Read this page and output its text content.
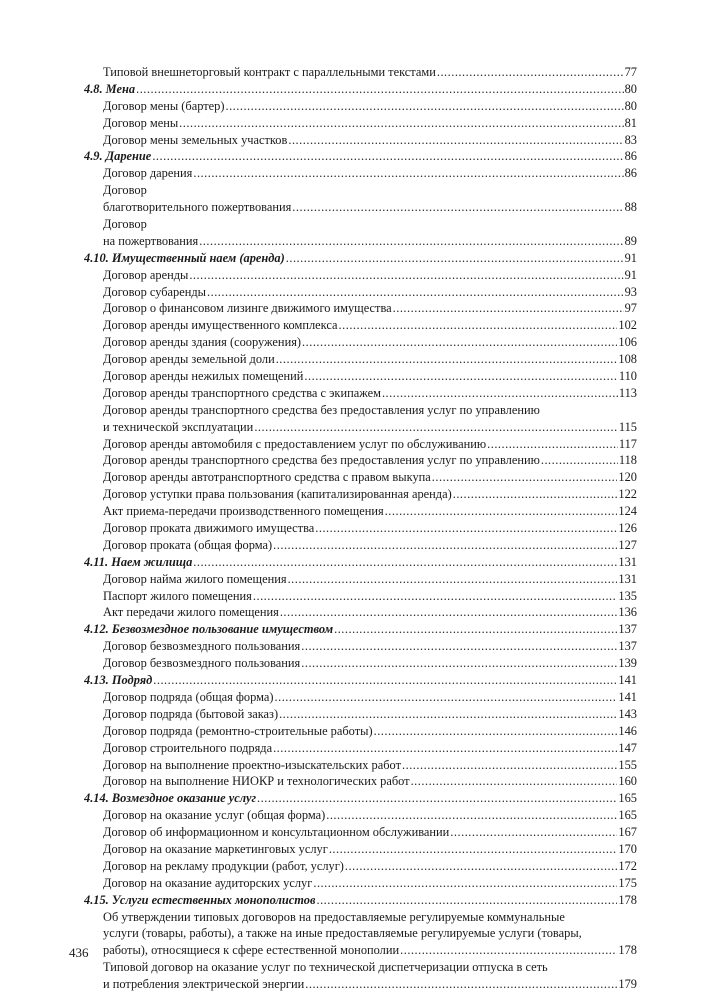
Типовой внешнеторговый контракт с параллельными текстами .....	77
4.8. Мена .....	80
Договор мены (бартер) .....	80
Договор мены .....	81
Договор мены земельных участков .....	83
4.9. Дарение .....	86
Договор дарения .....	86
Договор
благотворительного пожертвования .....	88
Договор
на пожертвования .....	89
4.10. Имущественный наем (аренда) .....	91
Договор аренды .....	91
Договор субаренды .....	93
Договор о финансовом лизинге движимого имущества .....	97
Договор аренды имущественного комплекса .....	102
Договор аренды здания (сооружения) .....	106
Договор аренды земельной доли .....	108
Договор аренды нежилых помещений .....	110
Договор аренды транспортного средства с экипажем .....	113
Договор аренды транспортного средства без предоставления услуг по управлению
и технической эксплуатации .....	115
Договор аренды автомобиля с предоставлением услуг по обслуживанию .....	117
Договор аренды транспортного средства без предоставления услуг по управлению .....	118
Договор аренды автотранспортного средства с правом выкупа .....	120
Договор уступки права пользования (капитализированная аренда) .....	122
Акт приема-передачи производственного помещения .....	124
Договор проката движимого имущества .....	126
Договор проката (общая форма) .....	127
4.11. Наем жилища .....	131
Договор найма жилого помещения .....	131
Паспорт жилого помещения .....	135
Акт передачи жилого помещения .....	136
4.12. Безвозмездное пользование имуществом .....	137
Договор безвозмездного пользования .....	137
Договор безвозмездного пользования .....	139
4.13. Подряд .....	141
Договор подряда (общая форма) .....	141
Договор подряда (бытовой заказ) .....	143
Договор подряда (ремонтно-строительные работы) .....	146
Договор строительного подряда .....	147
Договор на выполнение проектно-изыскательских работ .....	155
Договор на выполнение НИОКР и технологических работ .....	160
4.14. Возмездное оказание услуг .....	165
Договор на оказание услуг (общая форма) .....	165
Договор об информационном и консультационном обслуживании .....	167
Договор на оказание маркетинговых услуг .....	170
Договор на рекламу продукции (работ, услуг) .....	172
Договор на оказание аудиторских услуг .....	175
4.15. Услуги естественных монополистов .....	178
Об утверждении типовых договоров на предоставляемые регулируемые коммунальные
услуги (товары, работы), а также на иные предоставляемые регулируемые услуги (товары,
работы), относящиеся к сфере естественной монополии .....	178
Типовой договор на оказание услуг по технической диспетчеризации отпуска в сеть
и потребления электрической энергии .....	179
436
